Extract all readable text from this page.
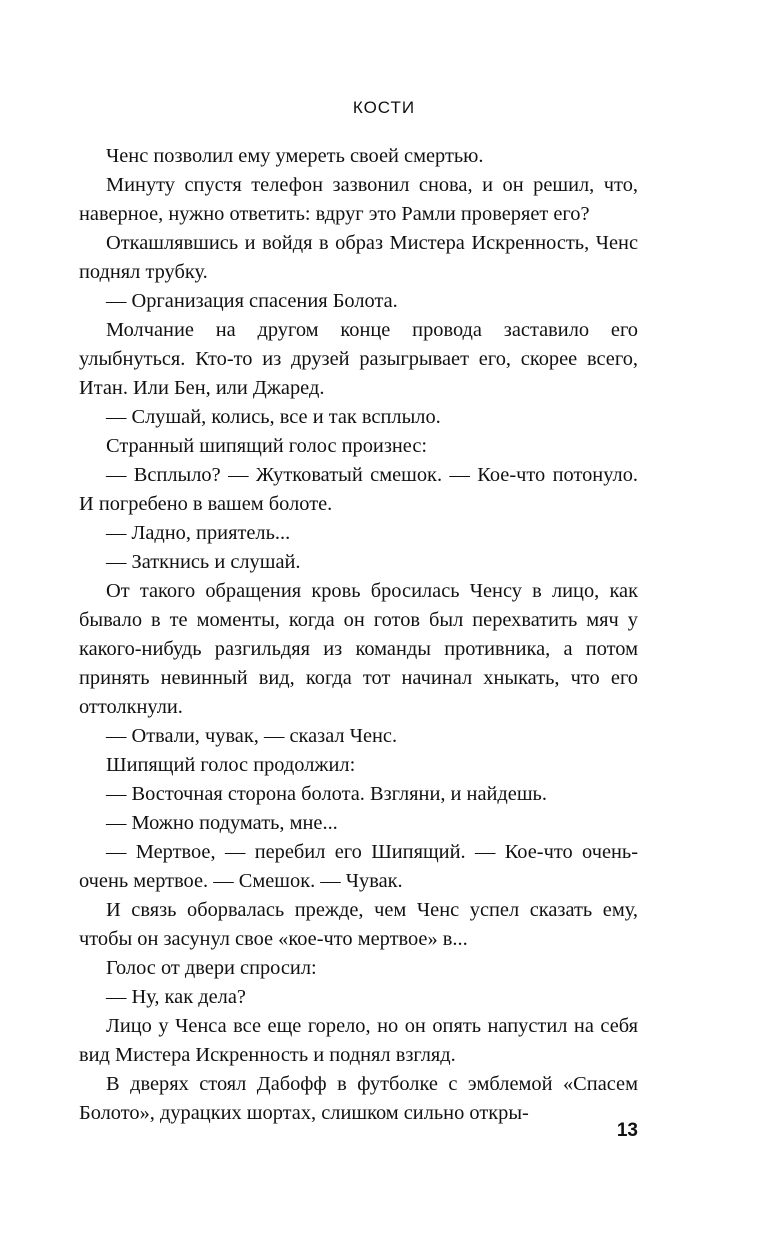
КОСТИ

Ченс позволил ему умереть своей смертью.

Минуту спустя телефон зазвонил снова, и он решил, что, наверное, нужно ответить: вдруг это Рамли проверяет его?

Откашлявшись и войдя в образ Мистера Искренность, Ченс поднял трубку.

— Организация спасения Болота.

Молчание на другом конце провода заставило его улыбнуться. Кто-то из друзей разыгрывает его, скорее всего, Итан. Или Бен, или Джаред.

— Слушай, колись, все и так всплыло.

Странный шипящий голос произнес:

— Всплыло? — Жутковатый смешок. — Кое-что потонуло. И погребено в вашем болоте.

— Ладно, приятель...

— Заткнись и слушай.

От такого обращения кровь бросилась Ченсу в лицо, как бывало в те моменты, когда он готов был перехватить мяч у какого-нибудь разгильдяя из команды противника, а потом принять невинный вид, когда тот начинал хныкать, что его оттолкнули.

— Отвали, чувак, — сказал Ченс.

Шипящий голос продолжил:

— Восточная сторона болота. Взгляни, и найдешь.

— Можно подумать, мне...

— Мертвое, — перебил его Шипящий. — Кое-что очень-очень мертвое. — Смешок. — Чувак.

И связь оборвалась прежде, чем Ченс успел сказать ему, чтобы он засунул свое «кое-что мертвое» в...

Голос от двери спросил:

— Ну, как дела?

Лицо у Ченса все еще горело, но он опять напустил на себя вид Мистера Искренность и поднял взгляд.

В дверях стоял Дабофф в футболке с эмблемой «Спасем Болото», дурацких шортах, слишком сильно откры-

13
